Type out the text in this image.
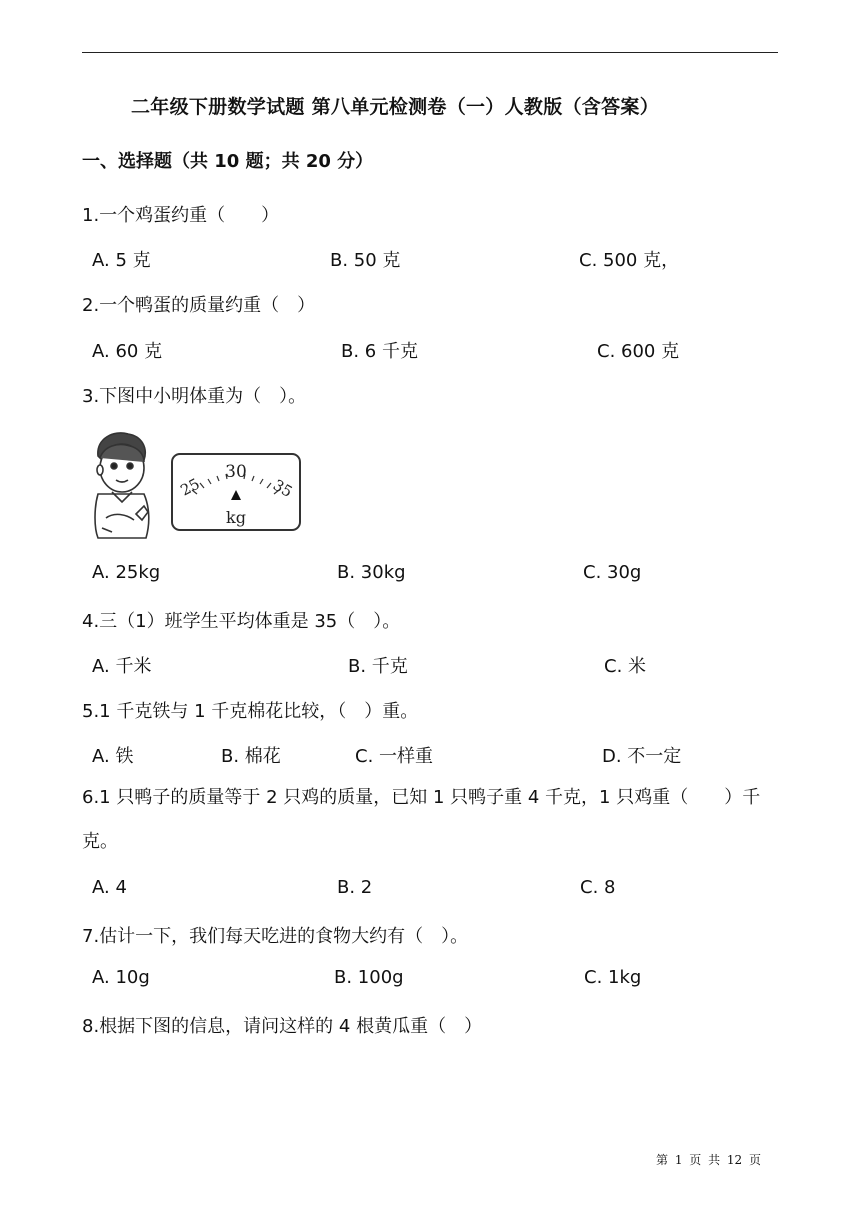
二年级下册数学试题 第八单元检测卷（一）人教版（含答案）
一、选择题（共 10 题；共 20 分）
1.一个鸡蛋约重（　　）
A. 5 克	B. 50 克	C. 500 克，
2.一个鸭蛋的质量约重（　）
A. 60 克	B. 6 千克	C. 600 克
3.下图中小明体重为（　）。
30
25	35
kg
A. 25kg	B. 30kg	C. 30g
4.三（1）班学生平均体重是 35（　）。
A. 千米	B. 千克	C. 米
5.1 千克铁与 1 千克棉花比较，（　）重。
A. 铁	B. 棉花	C. 一样重	D. 不一定
6.1 只鸭子的质量等于 2 只鸡的质量，已知 1 只鸭子重 4 千克，1 只鸡重（　　）千克。
A. 4	B. 2	C. 8
7.估计一下，我们每天吃进的食物大约有（　）。
A. 10g	B. 100g	C. 1kg
8.根据下图的信息，请问这样的 4 根黄瓜重（　）
第 1 页 共 12 页
